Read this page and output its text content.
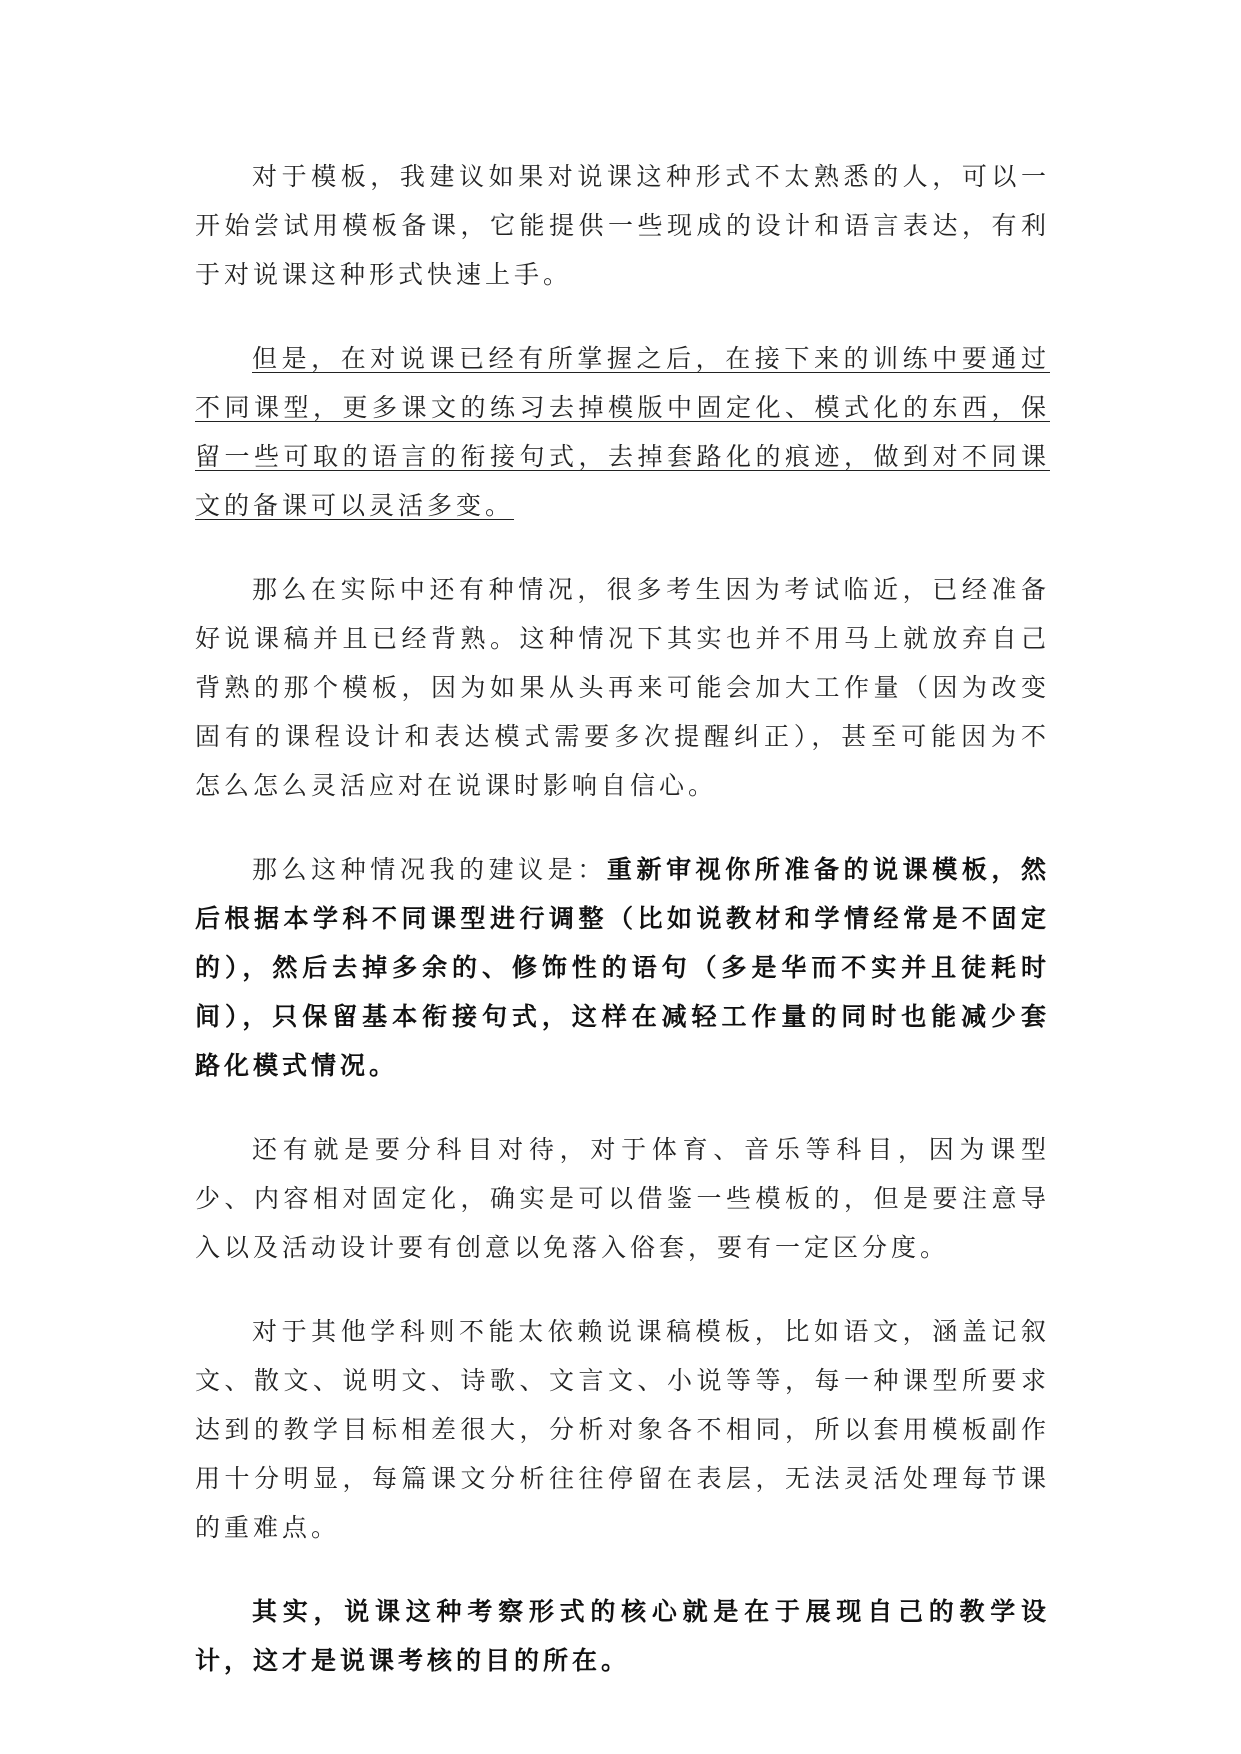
对于模板，我建议如果对说课这种形式不太熟悉的人，可以一开始尝试用模板备课，它能提供一些现成的设计和语言表达，有利于对说课这种形式快速上手。

但是，在对说课已经有所掌握之后，在接下来的训练中要通过不同课型，更多课文的练习去掉模版中固定化、模式化的东西，保留一些可取的语言的衔接句式，去掉套路化的痕迹，做到对不同课文的备课可以灵活多变。

那么在实际中还有种情况，很多考生因为考试临近，已经准备好说课稿并且已经背熟。这种情况下其实也并不用马上就放弃自己背熟的那个模板，因为如果从头再来可能会加大工作量（因为改变固有的课程设计和表达模式需要多次提醒纠正），甚至可能因为不怎么怎么灵活应对在说课时影响自信心。

那么这种情况我的建议是：重新审视你所准备的说课模板，然后根据本学科不同课型进行调整（比如说教材和学情经常是不固定的），然后去掉多余的、修饰性的语句（多是华而不实并且徒耗时间），只保留基本衔接句式，这样在减轻工作量的同时也能减少套路化模式情况。

还有就是要分科目对待，对于体育、音乐等科目，因为课型少、内容相对固定化，确实是可以借鉴一些模板的，但是要注意导入以及活动设计要有创意以免落入俗套，要有一定区分度。

对于其他学科则不能太依赖说课稿模板，比如语文，涵盖记叙文、散文、说明文、诗歌、文言文、小说等等，每一种课型所要求达到的教学目标相差很大，分析对象各不相同，所以套用模板副作用十分明显，每篇课文分析往往停留在表层，无法灵活处理每节课的重难点。

其实，说课这种考察形式的核心就是在于展现自己的教学设计，这才是说课考核的目的所在。
